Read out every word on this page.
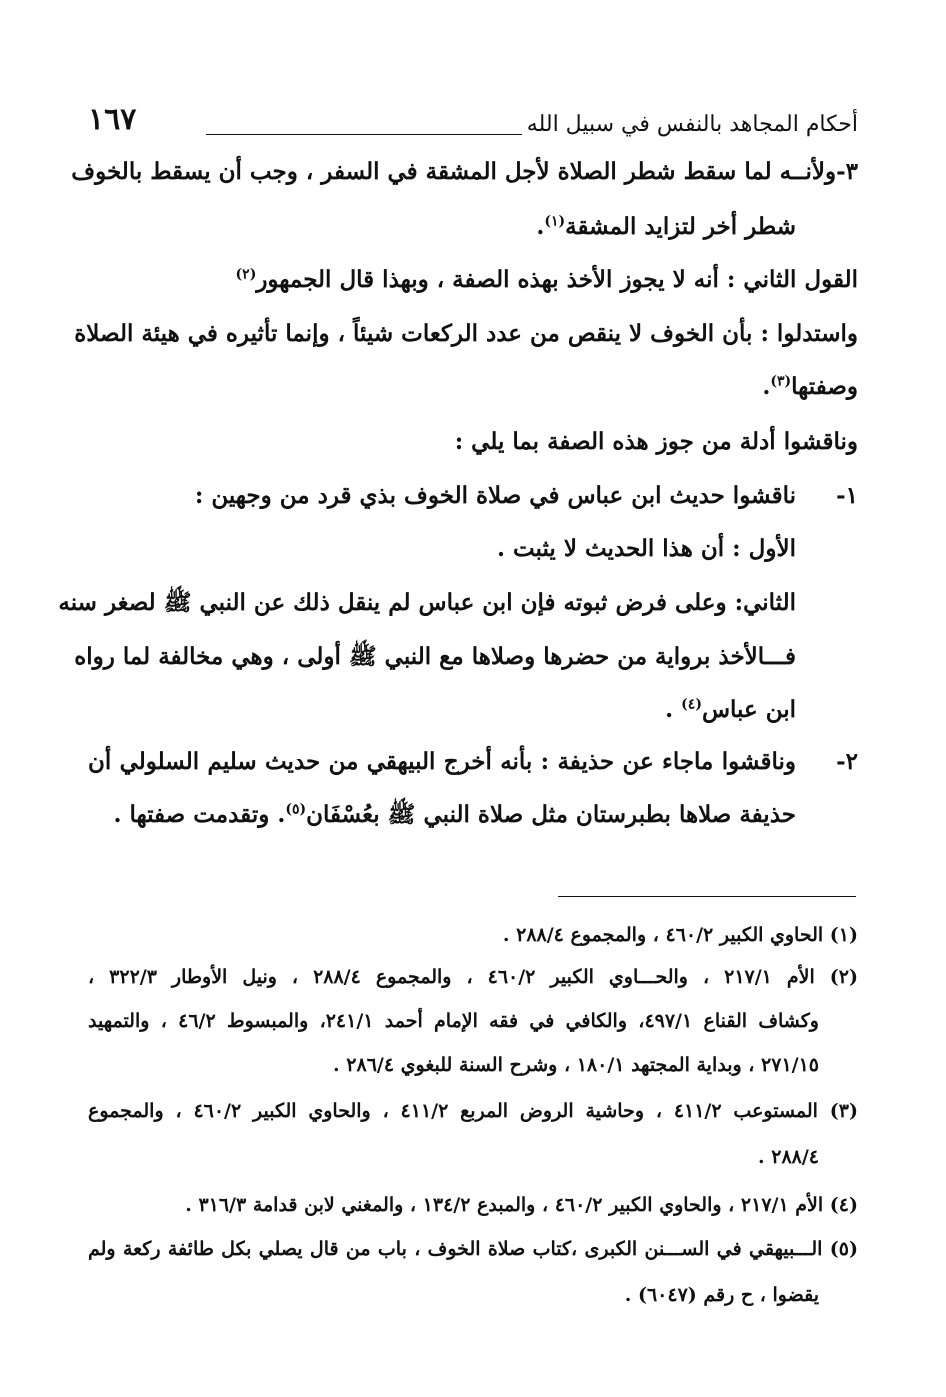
١٦٧	أحكام المجاهد بالنفس في سبيل الله
٣-ولأنــه لما سقط شطر الصلاة لأجل المشقة في السفر ، وجب أن يسقط بالخوف
شطر أخر لتزايد المشقة$^{(١)}$.
القول الثاني : أنه لا يجوز الأخذ بهذه الصفة ، وبهذا قال الجمهور$^{(٢)}$
واستدلوا : بأن الخوف لا ينقص من عدد الركعات شيئاً ، وإنما تأثيره في هيئة الصلاة
وصفتها$^{(٣)}$.
وناقشوا أدلة من جوز هذه الصفة بما يلي :
١-
ناقشوا حديث ابن عباس في صلاة الخوف بذي قرد من وجهين :
الأول : أن هذا الحديث لا يثبت .
الثاني: وعلى فرض ثبوته فإن ابن عباس لم ينقل ذلك عن النبي ﷺ لصغر سنه
فـــالأخذ برواية من حضرها وصلاها مع النبي ﷺ أولى ، وهي مخالفة لما رواه
ابن عباس$^{(٤)}$ .
٢-
وناقشوا ماجاء عن حذيفة : بأنه أخرج البيهقي من حديث سليم السلولي أن
حذيفة صلاها بطبرستان مثل صلاة النبي ﷺ بعُسْفَان$^{(٥)}$. وتقدمت صفتها .
(١) الحاوي الكبير ٤٦٠/٢ ، والمجموع ٢٨٨/٤ .
(٢) الأم ٢١٧/١ ، والحـــاوي الكبير ٤٦٠/٢ ، والمجموع ٢٨٨/٤ ، ونيل الأوطار ٣٢٢/٣ ،
وكشاف القناع ٤٩٧/١، والكافي في فقه الإمام أحمد ٢٤١/١، والمبسوط ٤٦/٢ ، والتمهيد
٢٧١/١٥ ، وبداية المجتهد ١٨٠/١ ، وشرح السنة للبغوي ٢٨٦/٤ .
(٣) المستوعب ٤١١/٢ ، وحاشية الروض المربع ٤١١/٢ ، والحاوي الكبير ٤٦٠/٢ ، والمجموع
٢٨٨/٤ .
(٤) الأم ٢١٧/١ ، والحاوي الكبير ٤٦٠/٢ ، والمبدع ١٣٤/٢ ، والمغني لابن قدامة ٣١٦/٣ .
(٥) الـــبيهقي في الســـنن الكبرى ،كتاب صلاة الخوف ، باب من قال يصلي بكل طائفة ركعة ولم
يقضوا ، ح رقم (٦٠٤٧) .
